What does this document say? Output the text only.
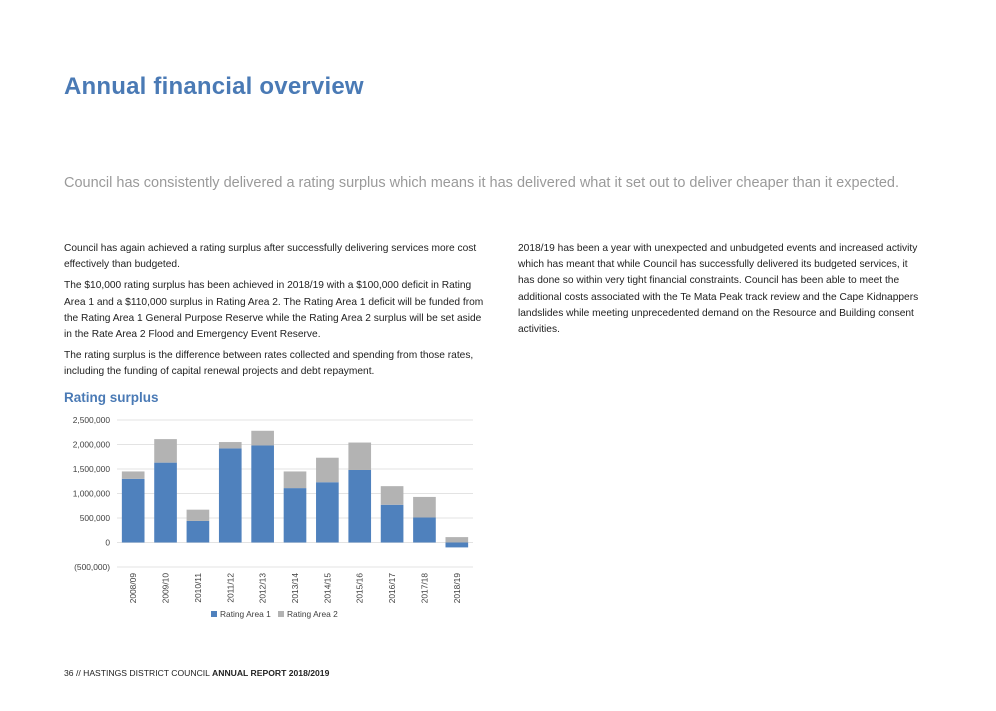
Annual financial overview

Council has consistently delivered a rating surplus which means it has delivered what it set out to deliver cheaper than it expected.

Council has again achieved a rating surplus after successfully delivering services more cost effectively than budgeted.

The $10,000 rating surplus has been achieved in 2018/19 with a $100,000 deficit in Rating Area 1 and a $110,000 surplus in Rating Area 2. The Rating Area 1 deficit will be funded from the Rating Area 1 General Purpose Reserve while the Rating Area 2 surplus will be set aside in the Rate Area 2 Flood and Emergency Event Reserve.

The rating surplus is the difference between rates collected and spending from those rates, including the funding of capital renewal projects and debt repayment.

2018/19 has been a year with unexpected and unbudgeted events and increased activity which has meant that while Council has successfully delivered its budgeted services, it has done so within very tight financial constraints. Council has been able to meet the additional costs associated with the Te Mata Peak track review and the Cape Kidnappers landslides while meeting unprecedented demand on the Resource and Building consent activities.

Rating surplus
2,500,000
2,000,000
1,500,000
1,000,000
500,000
0
(500,000)
2008/09	2009/10	2010/11	2011/12	2012/13	2013/14	2014/15	2015/16	2016/17	2017/18	2018/19
Rating Area 1 Rating Area 2
36 // HASTINGS DISTRICT COUNCIL ANNUAL REPORT 2018/2019
